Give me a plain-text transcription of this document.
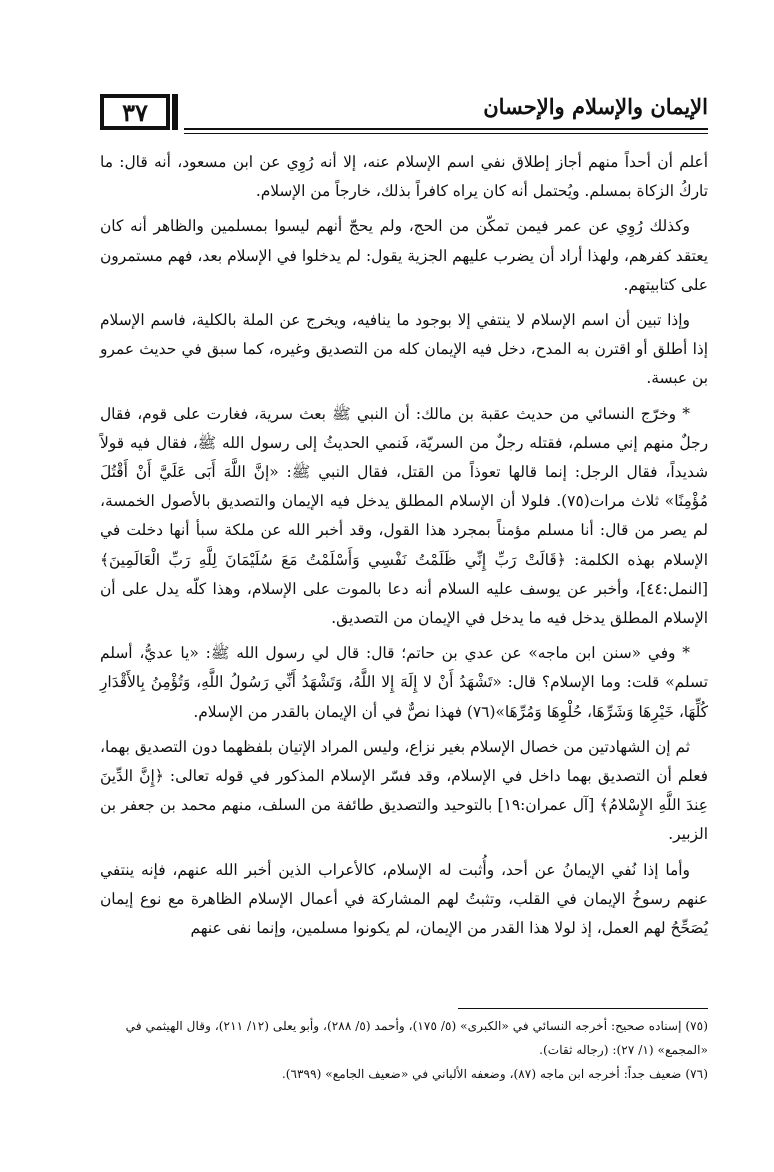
٣٧	الإيمان والإسلام والإحسان

أعلم أن أحداً منهم أجاز إطلاق نفي اسم الإسلام عنه، إلا أنه رُوِي عن ابن مسعود، أنه قال: ما تاركُ الزكاة بمسلم. ويُحتمل أنه كان يراه كافراً بذلك، خارجاً من الإسلام.

وكذلك رُوِي عن عمر فيمن تمكّن من الحج، ولم يحجّ أنهم ليسوا بمسلمين والظاهر أنه كان يعتقد كفرهم، ولهذا أراد أن يضرب عليهم الجزية يقول: لم يدخلوا في الإسلام بعد، فهم مستمرون على كتابيتهم.

وإذا تبين أن اسم الإسلام لا ينتفي إلا بوجود ما ينافيه، ويخرج عن الملة بالكلية، فاسم الإسلام إذا أطلق أو اقترن به المدح، دخل فيه الإيمان كله من التصديق وغيره، كما سبق في حديث عمرو بن عبسة.

* وخرّج النسائي من حديث عقبة بن مالك: أن النبي ﷺ بعث سرية، فغارت على قوم، فقال رجلٌ منهم إني مسلم، فقتله رجلٌ من السريّة، فَنمي الحديثُ إلى رسول الله ﷺ، فقال فيه قولاً شديداً، فقال الرجل: إنما قالها تعوذاً من القتل، فقال النبي ﷺ: «إنَّ اللَّهَ أَبَى عَلَيَّ أَنْ أَقْتُلَ مُؤْمِنًا» ثلاث مرات(٧٥). فلولا أن الإسلام المطلق يدخل فيه الإيمان والتصديق بالأصول الخمسة، لم يصر من قال: أنا مسلم مؤمناً بمجرد هذا القول، وقد أخبر الله عن ملكة سبأ أنها دخلت في الإسلام بهذه الكلمة: ﴿قَالَتْ رَبِّ إِنِّي ظَلَمْتُ نَفْسِي وَأَسْلَمْتُ مَعَ سُلَيْمَانَ لِلَّهِ رَبِّ الْعَالَمِينَ﴾ [النمل:٤٤]، وأخبر عن يوسف عليه السلام أنه دعا بالموت على الإسلام، وهذا كلّه يدل على أن الإسلام المطلق يدخل فيه ما يدخل في الإيمان من التصديق.

* وفي «سنن ابن ماجه» عن عدي بن حاتم؛ قال: قال لي رسول الله ﷺ: «يا عديُّ، أسلم تسلم» قلت: وما الإسلام؟ قال: «تَشْهَدُ أَنْ لا إِلَهَ إِلا اللَّهُ، وَتَشْهَدُ أَنِّي رَسُولُ اللَّهِ، وَتُؤْمِنُ بِالأَقْدَارِ كُلِّهَا، خَيْرِهَا وَشَرِّهَا، حُلْوِهَا وَمُرِّهَا»(٧٦) فهذا نصٌّ في أن الإيمان بالقدر من الإسلام.

ثم إن الشهادتين من خصال الإسلام بغير نزاع، وليس المراد الإتيان بلفظهما دون التصديق بهما، فعلم أن التصديق بهما داخل في الإسلام، وقد فسّر الإسلام المذكور في قوله تعالى: ﴿إِنَّ الدِّينَ عِندَ اللَّهِ الإِسْلامُ﴾ [آل عمران:١٩] بالتوحيد والتصديق طائفة من السلف، منهم محمد بن جعفر بن الزبير.

وأما إذا نُفي الإيمانُ عن أحد، وأُثبت له الإسلام، كالأعراب الذين أخبر الله عنهم، فإنه ينتفي عنهم رسوخُ الإيمان في القلب، وتثبتُ لهم المشاركة في أعمال الإسلام الظاهرة مع نوع إيمان يُصَحِّحُ لهم العمل، إذ لولا هذا القدر من الإيمان، لم يكونوا مسلمين، وإنما نفى عنهم

(٧٥) إسناده صحيح: أخرجه النسائي في «الكبرى» (٥/ ١٧٥)، وأحمد (٥/ ٢٨٨)، وأبو يعلى (١٢/ ٢١١)، وقال الهيثمي في «المجمع» (١/ ٢٧): (رجاله ثقات).
(٧٦) ضعيف جداً: أخرجه ابن ماجه (٨٧)، وضعفه الألباني في «ضعيف الجامع» (٦٣٩٩).
